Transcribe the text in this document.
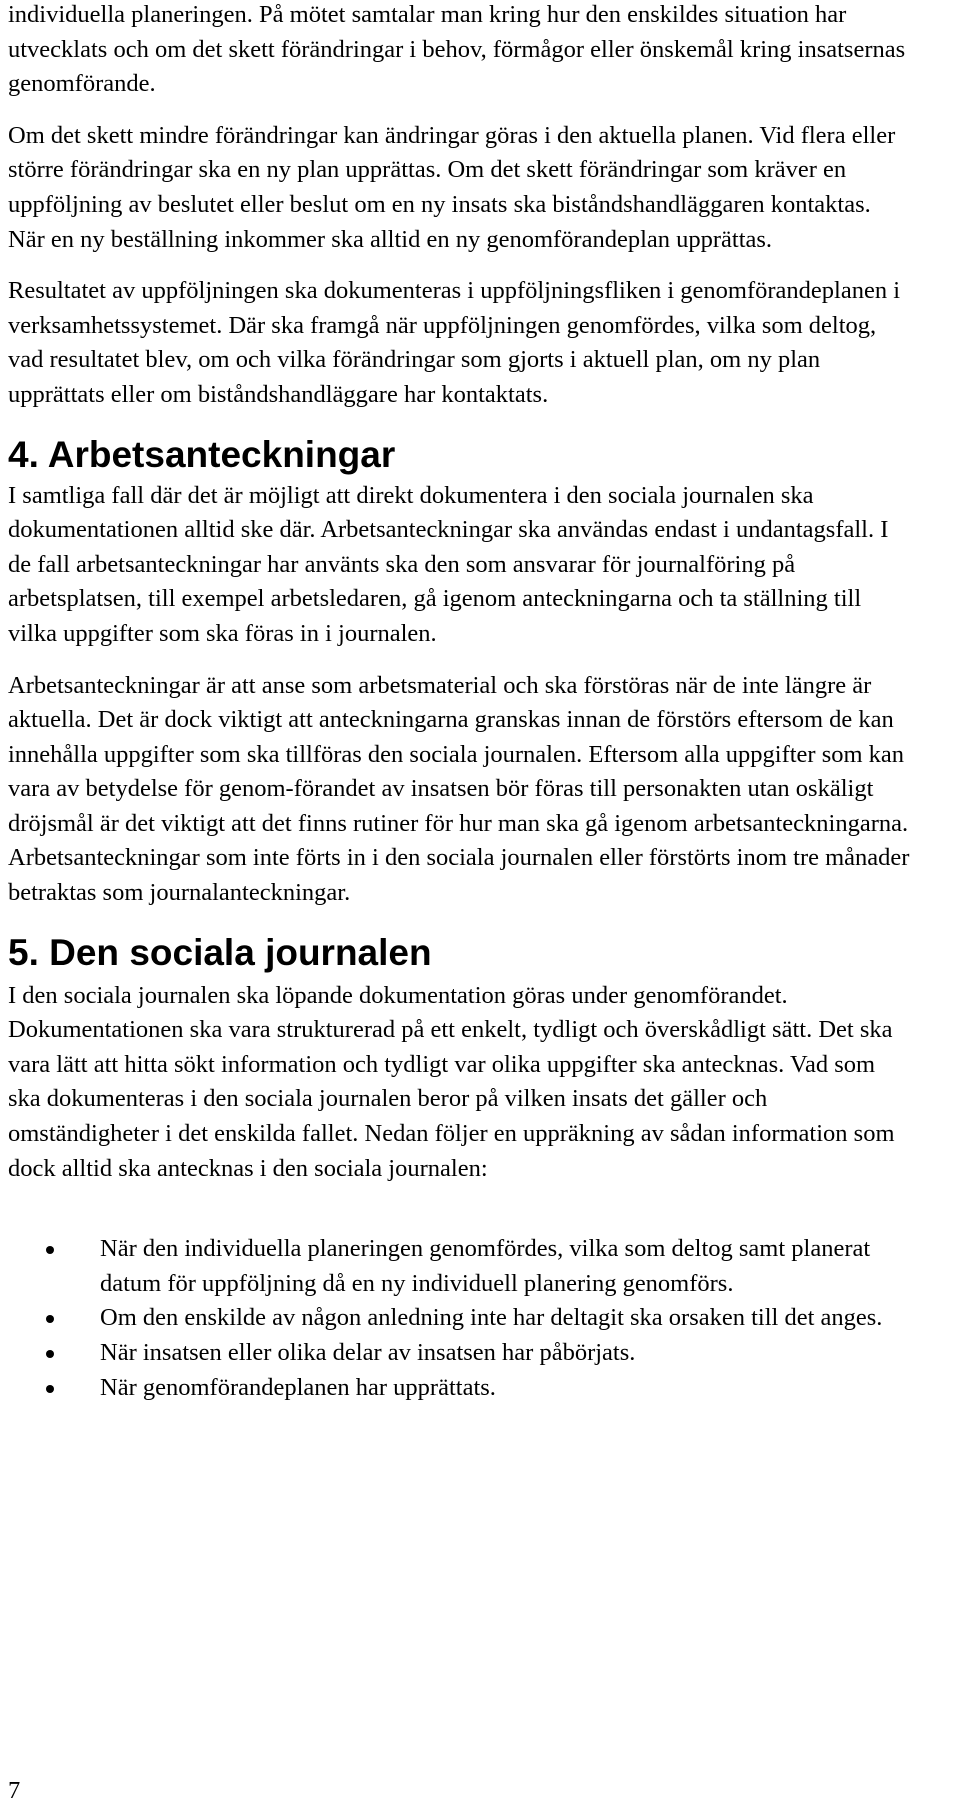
individuella planeringen. På mötet samtalar man kring hur den enskildes situation har utvecklats och om det skett förändringar i behov, förmågor eller önskemål kring insatsernas genomförande.

Om det skett mindre förändringar kan ändringar göras i den aktuella planen. Vid flera eller större förändringar ska en ny plan upprättas. Om det skett förändringar som kräver en uppföljning av beslutet eller beslut om en ny insats ska biståndshandläggaren kontaktas. När en ny beställning inkommer ska alltid en ny genomförandeplan upprättas.

Resultatet av uppföljningen ska dokumenteras i uppföljningsfliken i genomförandeplanen i verksamhetssystemet. Där ska framgå när uppföljningen genomfördes, vilka som deltog, vad resultatet blev, om och vilka förändringar som gjorts i aktuell plan, om ny plan upprättats eller om biståndshandläggare har kontaktats.

4. Arbetsanteckningar

I samtliga fall där det är möjligt att direkt dokumentera i den sociala journalen ska dokumentationen alltid ske där. Arbetsanteckningar ska användas endast i undantagsfall. I de fall arbetsanteckningar har använts ska den som ansvarar för journalföring på arbetsplatsen, till exempel arbetsledaren, gå igenom anteckningarna och ta ställning till vilka uppgifter som ska föras in i journalen.

Arbetsanteckningar är att anse som arbetsmaterial och ska förstöras när de inte längre är aktuella. Det är dock viktigt att anteckningarna granskas innan de förstörs eftersom de kan innehålla uppgifter som ska tillföras den sociala journalen. Eftersom alla uppgifter som kan vara av betydelse för genom-förandet av insatsen bör föras till personakten utan oskäligt dröjsmål är det viktigt att det finns rutiner för hur man ska gå igenom arbetsanteckningarna. Arbetsanteckningar som inte förts in i den sociala journalen eller förstörts inom tre månader betraktas som journalanteckningar.

5. Den sociala journalen

I den sociala journalen ska löpande dokumentation göras under genomförandet. Dokumentationen ska vara strukturerad på ett enkelt, tydligt och överskådligt sätt. Det ska vara lätt att hitta sökt information och tydligt var olika uppgifter ska antecknas. Vad som ska dokumenteras i den sociala journalen beror på vilken insats det gäller och omständigheter i det enskilda fallet. Nedan följer en uppräkning av sådan information som dock alltid ska antecknas i den sociala journalen:

När den individuella planeringen genomfördes, vilka som deltog samt planerat datum för uppföljning då en ny individuell planering genomförs.
Om den enskilde av någon anledning inte har deltagit ska orsaken till det anges.
När insatsen eller olika delar av insatsen har påbörjats.
När genomförandeplanen har upprättats.
7
